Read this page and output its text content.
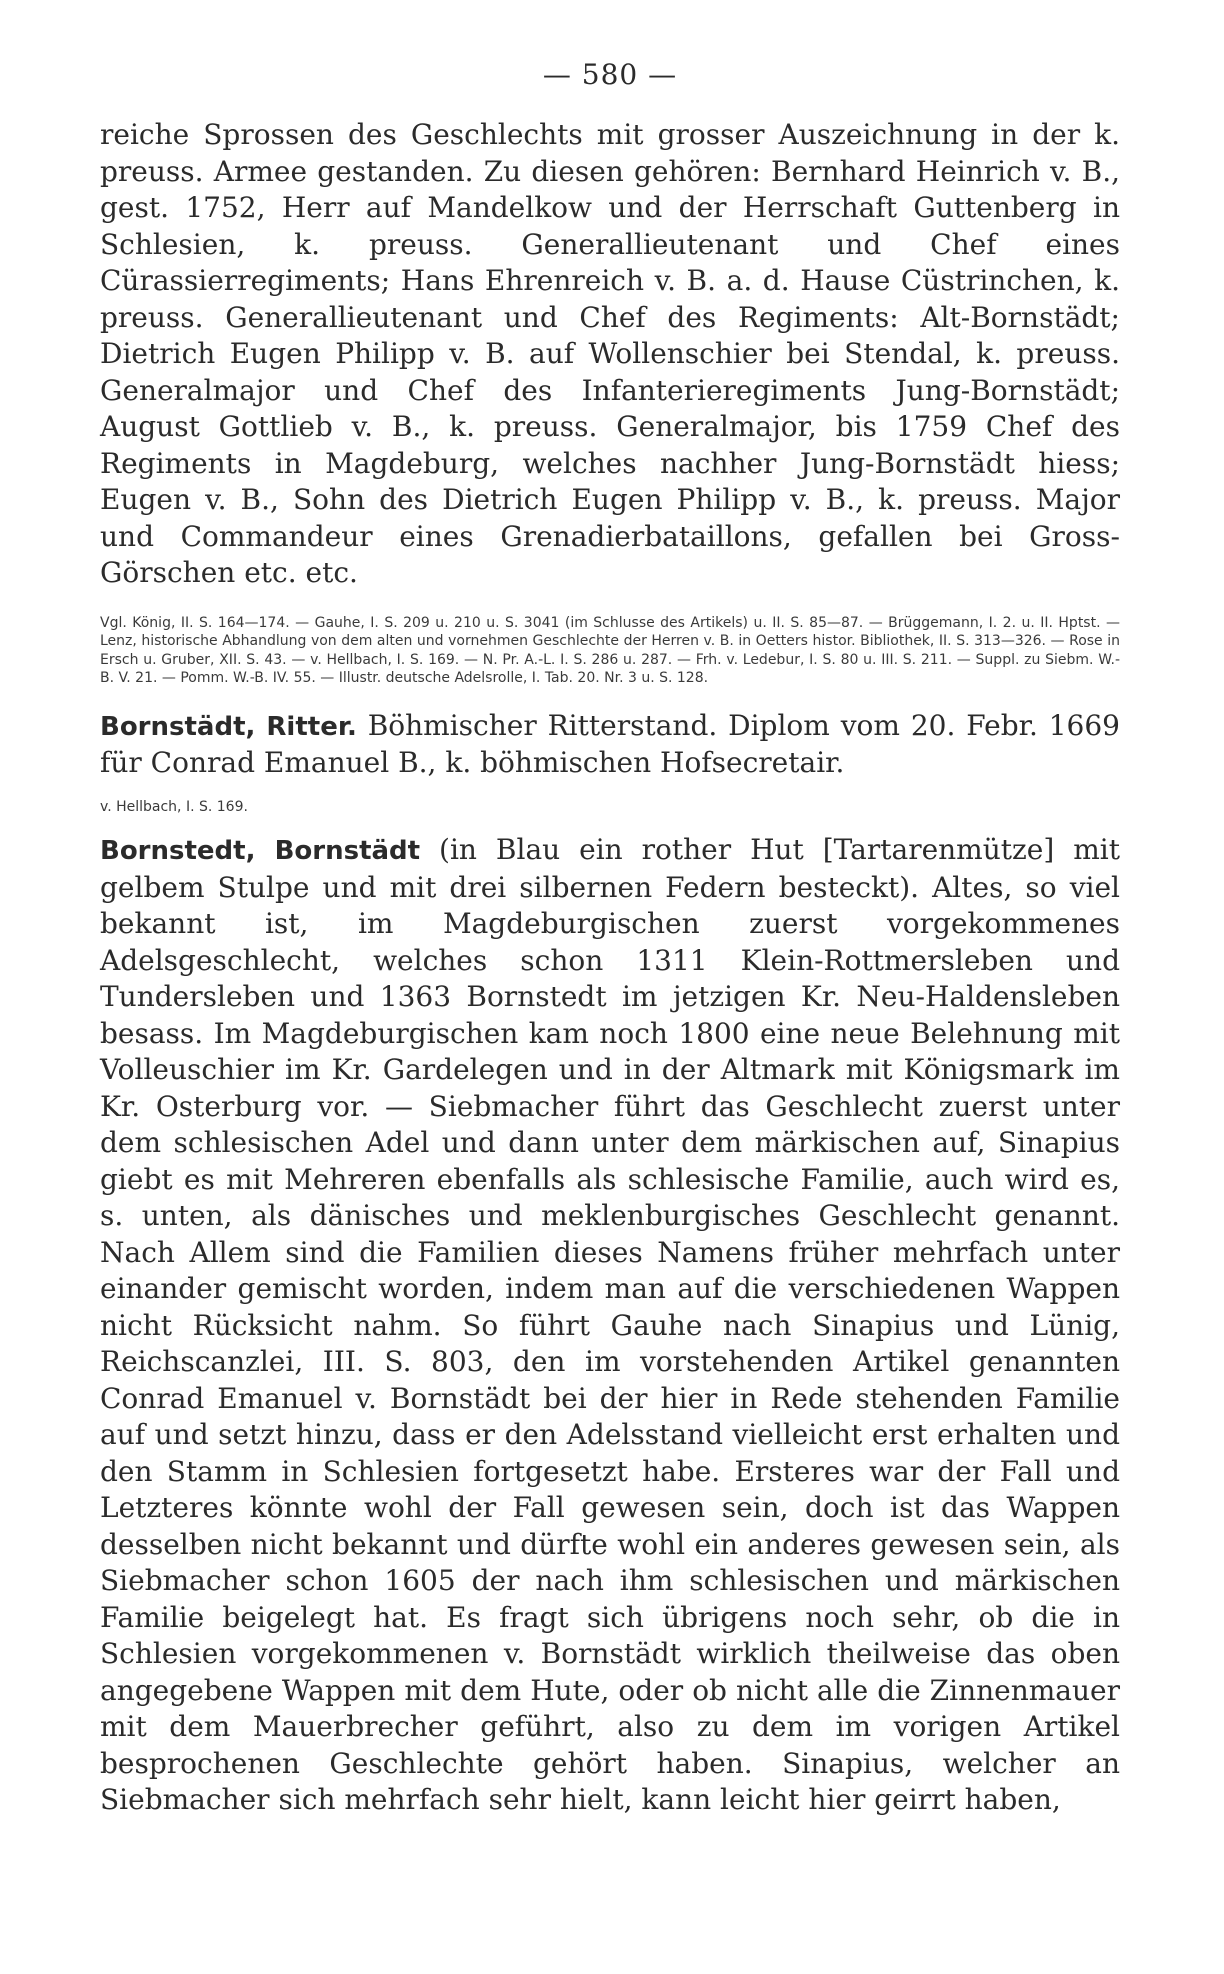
— 580 —

reiche Sprossen des Geschlechts mit grosser Auszeichnung in der k. preuss. Armee gestanden. Zu diesen gehören: Bernhard Heinrich v. B., gest. 1752, Herr auf Mandelkow und der Herrschaft Guttenberg in Schlesien, k. preuss. Generallieutenant und Chef eines Cürassierregiments; Hans Ehrenreich v. B. a. d. Hause Cüstrinchen, k. preuss. Generallieutenant und Chef des Regiments: Alt-Bornstädt; Dietrich Eugen Philipp v. B. auf Wollenschier bei Stendal, k. preuss. Generalmajor und Chef des Infanterieregiments Jung-Bornstädt; August Gottlieb v. B., k. preuss. Generalmajor, bis 1759 Chef des Regiments in Magdeburg, welches nachher Jung-Bornstädt hiess; Eugen v. B., Sohn des Dietrich Eugen Philipp v. B., k. preuss. Major und Commandeur eines Grenadierbataillons, gefallen bei Gross-Görschen etc. etc.

Vgl. König, II. S. 164—174. — Gauhe, I. S. 209 u. 210 u. S. 3041 (im Schlusse des Artikels) u. II. S. 85—87. — Brüggemann, I. 2. u. II. Hptst. — Lenz, historische Abhandlung von dem alten und vornehmen Geschlechte der Herren v. B. in Oetters histor. Bibliothek, II. S. 313—326. — Rose in Ersch u. Gruber, XII. S. 43. — v. Hellbach, I. S. 169. — N. Pr. A.-L. I. S. 286 u. 287. — Frh. v. Ledebur, I. S. 80 u. III. S. 211. — Suppl. zu Siebm. W.-B. V. 21. — Pomm. W.-B. IV. 55. — Illustr. deutsche Adelsrolle, I. Tab. 20. Nr. 3 u. S. 128.

Bornstädt, Ritter. Böhmischer Ritterstand. Diplom vom 20. Febr. 1669 für Conrad Emanuel B., k. böhmischen Hofsecretair.

v. Hellbach, I. S. 169.

Bornstedt, Bornstädt (in Blau ein rother Hut [Tartarenmütze] mit gelbem Stulpe und mit drei silbernen Federn besteckt). Altes, so viel bekannt ist, im Magdeburgischen zuerst vorgekommenes Adelsgeschlecht, welches schon 1311 Klein-Rottmersleben und Tundersleben und 1363 Bornstedt im jetzigen Kr. Neu-Haldensleben besass. Im Magdeburgischen kam noch 1800 eine neue Belehnung mit Volleuschier im Kr. Gardelegen und in der Altmark mit Königsmark im Kr. Osterburg vor. — Siebmacher führt das Geschlecht zuerst unter dem schlesischen Adel und dann unter dem märkischen auf, Sinapius giebt es mit Mehreren ebenfalls als schlesische Familie, auch wird es, s. unten, als dänisches und meklenburgisches Geschlecht genannt. Nach Allem sind die Familien dieses Namens früher mehrfach unter einander gemischt worden, indem man auf die verschiedenen Wappen nicht Rücksicht nahm. So führt Gauhe nach Sinapius und Lünig, Reichscanzlei, III. S. 803, den im vorstehenden Artikel genannten Conrad Emanuel v. Bornstädt bei der hier in Rede stehenden Familie auf und setzt hinzu, dass er den Adelsstand vielleicht erst erhalten und den Stamm in Schlesien fortgesetzt habe. Ersteres war der Fall und Letzteres könnte wohl der Fall gewesen sein, doch ist das Wappen desselben nicht bekannt und dürfte wohl ein anderes gewesen sein, als Siebmacher schon 1605 der nach ihm schlesischen und märkischen Familie beigelegt hat. Es fragt sich übrigens noch sehr, ob die in Schlesien vorgekommenen v. Bornstädt wirklich theilweise das oben angegebene Wappen mit dem Hute, oder ob nicht alle die Zinnenmauer mit dem Mauerbrecher geführt, also zu dem im vorigen Artikel besprochenen Geschlechte gehört haben. Sinapius, welcher an Siebmacher sich mehrfach sehr hielt, kann leicht hier geirrt haben,
